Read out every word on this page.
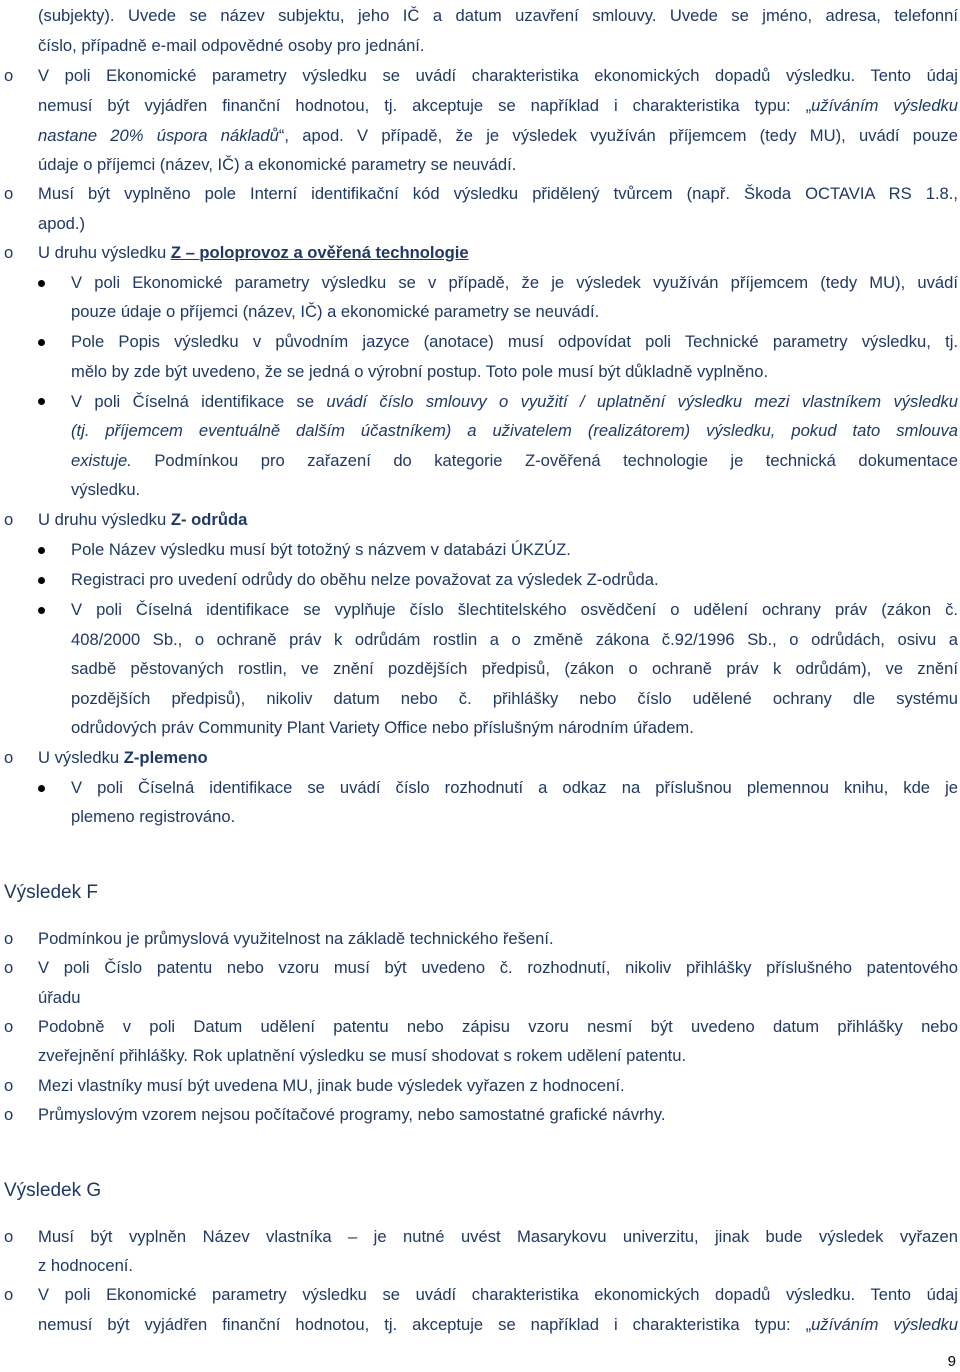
(subjekty). Uvede se název subjektu, jeho IČ a datum uzavření smlouvy. Uvede se jméno, adresa, telefonní
číslo, případně e-mail odpovědné osoby pro jednání.
o V poli Ekonomické parametry výsledku se uvádí charakteristika ekonomických dopadů výsledku. Tento údaj
nemusí být vyjádřen finanční hodnotou, tj. akceptuje se například i charakteristika typu: „užíváním výsledku
nastane 20% úspora nákladů“, apod. V případě, že je výsledek využíván příjemcem (tedy MU), uvádí pouze
údaje o příjemci (název, IČ) a ekonomické parametry se neuvádí.
o Musí být vyplněno pole Interní identifikační kód výsledku přidělený tvůrcem (např. Škoda OCTAVIA RS 1.8.,
apod.)
o U druhu výsledku Z – poloprovoz a ověřená technologie
V poli Ekonomické parametry výsledku se v případě, že je výsledek využíván příjemcem (tedy MU), uvádí
pouze údaje o příjemci (název, IČ) a ekonomické parametry se neuvádí.
Pole Popis výsledku v původním jazyce (anotace) musí odpovídat poli Technické parametry výsledku, tj.
mělo by zde být uvedeno, že se jedná o výrobní postup. Toto pole musí být důkladně vyplněno.
V poli Číselná identifikace se uvádí číslo smlouvy o využití / uplatnění výsledku mezi vlastníkem výsledku
(tj. příjemcem eventuálně dalším účastníkem) a uživatelem (realizátorem) výsledku, pokud tato smlouva
existuje. Podmínkou pro zařazení do kategorie Z-ověřená technologie je technická dokumentace
výsledku.
o U druhu výsledku Z- odrůda
Pole Název výsledku musí být totožný s názvem v databázi ÚKZÚZ.
Registraci pro uvedení odrůdy do oběhu nelze považovat za výsledek Z-odrůda.
V poli Číselná identifikace se vyplňuje číslo šlechtitelského osvědčení o udělení ochrany práv (zákon č.
408/2000 Sb., o ochraně práv k odrůdám rostlin a o změně zákona č.92/1996 Sb., o odrůdách, osivu a
sadbě pěstovaných rostlin, ve znění pozdějších předpisů, (zákon o ochraně práv k odrůdám), ve znění
pozdějších předpisů), nikoliv datum nebo č. přihlášky nebo číslo udělené ochrany dle systému
odrůdových práv Community Plant Variety Office nebo příslušným národním úřadem.
o U výsledku Z-plemeno
V poli Číselná identifikace se uvádí číslo rozhodnutí a odkaz na příslušnou plemennou knihu, kde je
plemeno registrováno.
Výsledek F
o Podmínkou je průmyslová využitelnost na základě technického řešení.
o V poli Číslo patentu nebo vzoru musí být uvedeno č. rozhodnutí, nikoliv přihlášky příslušného patentového
úřadu
o Podobně v poli Datum udělení patentu nebo zápisu vzoru nesmí být uvedeno datum přihlášky nebo
zveřejnění přihlášky. Rok uplatnění výsledku se musí shodovat s rokem udělení patentu.
o Mezi vlastníky musí být uvedena MU, jinak bude výsledek vyřazen z hodnocení.
o Průmyslovým vzorem nejsou počítačové programy, nebo samostatné grafické návrhy.
Výsledek G
o Musí být vyplněn Název vlastníka – je nutné uvést Masarykovu univerzitu, jinak bude výsledek vyřazen
z hodnocení.
o V poli Ekonomické parametry výsledku se uvádí charakteristika ekonomických dopadů výsledku. Tento údaj
nemusí být vyjádřen finanční hodnotou, tj. akceptuje se například i charakteristika typu: „užíváním výsledku
9
